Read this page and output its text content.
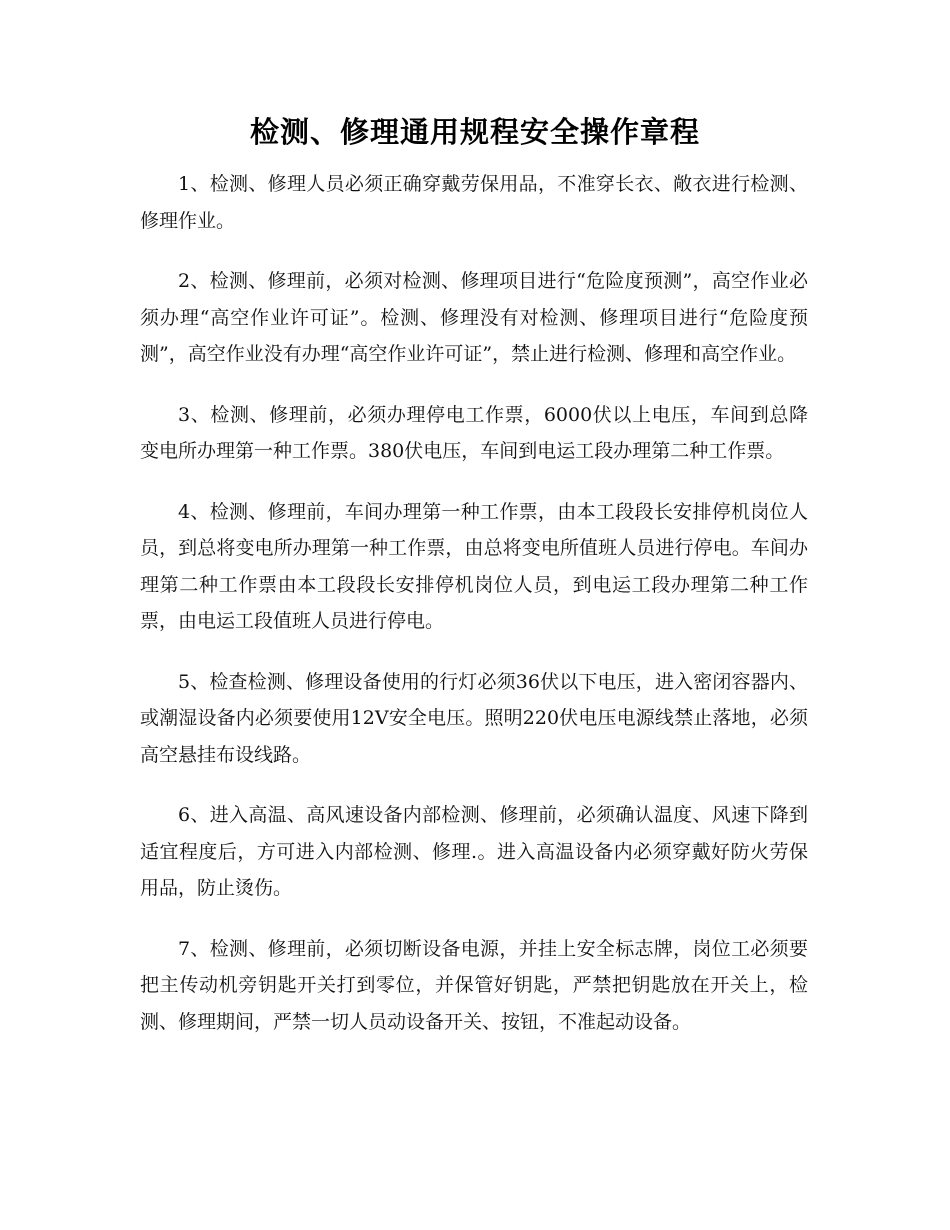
检测、修理通用规程安全操作章程

1、检测、修理人员必须正确穿戴劳保用品，不准穿长衣、敞衣进行检测、修理作业。

2、检测、修理前，必须对检测、修理项目进行“危险度预测”，高空作业必须办理“高空作业许可证”。检测、修理没有对检测、修理项目进行“危险度预测”，高空作业没有办理“高空作业许可证”，禁止进行检测、修理和高空作业。

3、检测、修理前，必须办理停电工作票，6000伏以上电压，车间到总降变电所办理第一种工作票。380伏电压，车间到电运工段办理第二种工作票。

4、检测、修理前，车间办理第一种工作票，由本工段段长安排停机岗位人员，到总将变电所办理第一种工作票，由总将变电所值班人员进行停电。车间办理第二种工作票由本工段段长安排停机岗位人员，到电运工段办理第二种工作票，由电运工段值班人员进行停电。

5、检查检测、修理设备使用的行灯必须36伏以下电压，进入密闭容器内、或潮湿设备内必须要使用12V安全电压。照明220伏电压电源线禁止落地，必须高空悬挂布设线路。

6、进入高温、高风速设备内部检测、修理前，必须确认温度、风速下降到适宜程度后，方可进入内部检测、修理.。进入高温设备内必须穿戴好防火劳保用品，防止烫伤。

7、检测、修理前，必须切断设备电源，并挂上安全标志牌，岗位工必须要把主传动机旁钥匙开关打到零位，并保管好钥匙，严禁把钥匙放在开关上，检测、修理期间，严禁一切人员动设备开关、按钮，不准起动设备。
